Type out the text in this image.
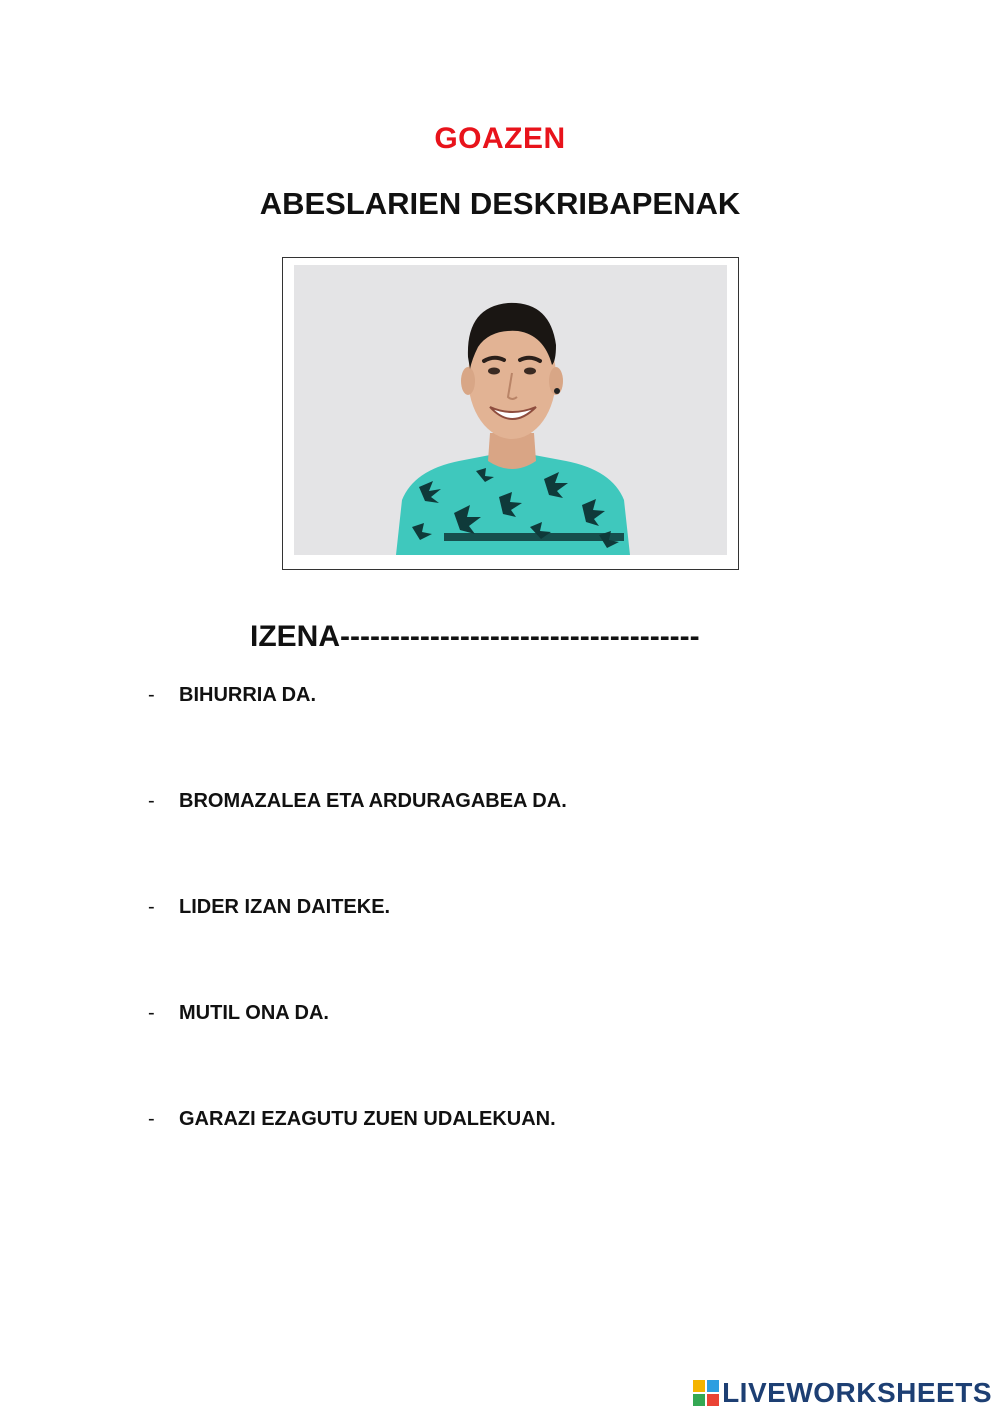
GOAZEN
ABESLARIEN DESKRIBAPENAK
IZENA------------------------------------
- BIHURRIA DA.
- BROMAZALEA ETA ARDURAGABEA DA.
- LIDER IZAN DAITEKE.
- MUTIL ONA DA.
- GARAZI EZAGUTU ZUEN UDALEKUAN.
LIVEWORKSHEETS
